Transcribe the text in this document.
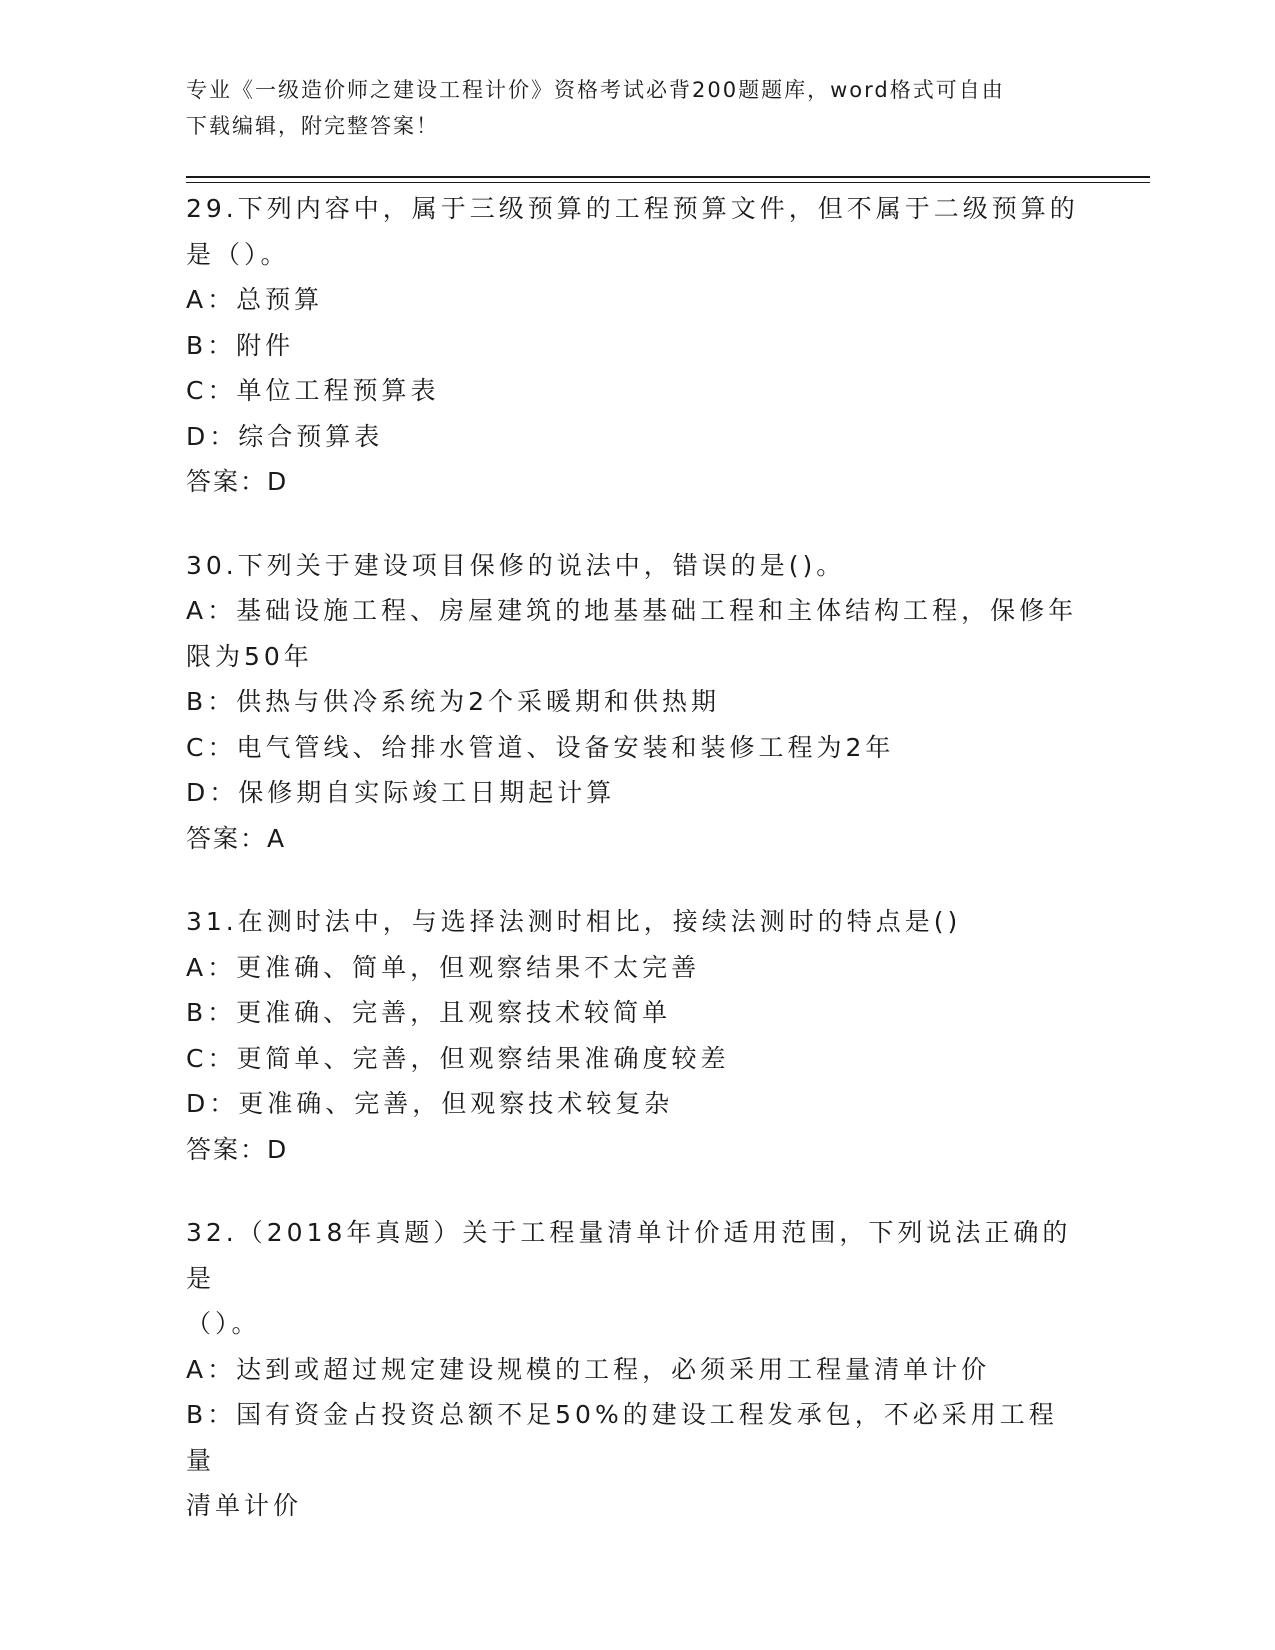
专业《一级造价师之建设工程计价》资格考试必背200题题库，word格式可自由
下载编辑，附完整答案！
29.下列内容中，属于三级预算的工程预算文件，但不属于二级预算的
是（）。
A：总预算
B：附件
C：单位工程预算表
D：综合预算表
答案：D
30.下列关于建设项目保修的说法中，错误的是()。
A：基础设施工程、房屋建筑的地基基础工程和主体结构工程，保修年
限为50年
B：供热与供冷系统为2个采暖期和供热期
C：电气管线、给排水管道、设备安装和装修工程为2年
D：保修期自实际竣工日期起计算
答案：A
31.在测时法中，与选择法测时相比，接续法测时的特点是()
A：更准确、简单，但观察结果不太完善
B：更准确、完善，且观察技术较简单
C：更简单、完善，但观察结果准确度较差
D：更准确、完善，但观察技术较复杂
答案：D
32.（2018年真题）关于工程量清单计价适用范围，下列说法正确的是
（）。
A：达到或超过规定建设规模的工程，必须采用工程量清单计价
B：国有资金占投资总额不足50%的建设工程发承包，不必采用工程量
清单计价
